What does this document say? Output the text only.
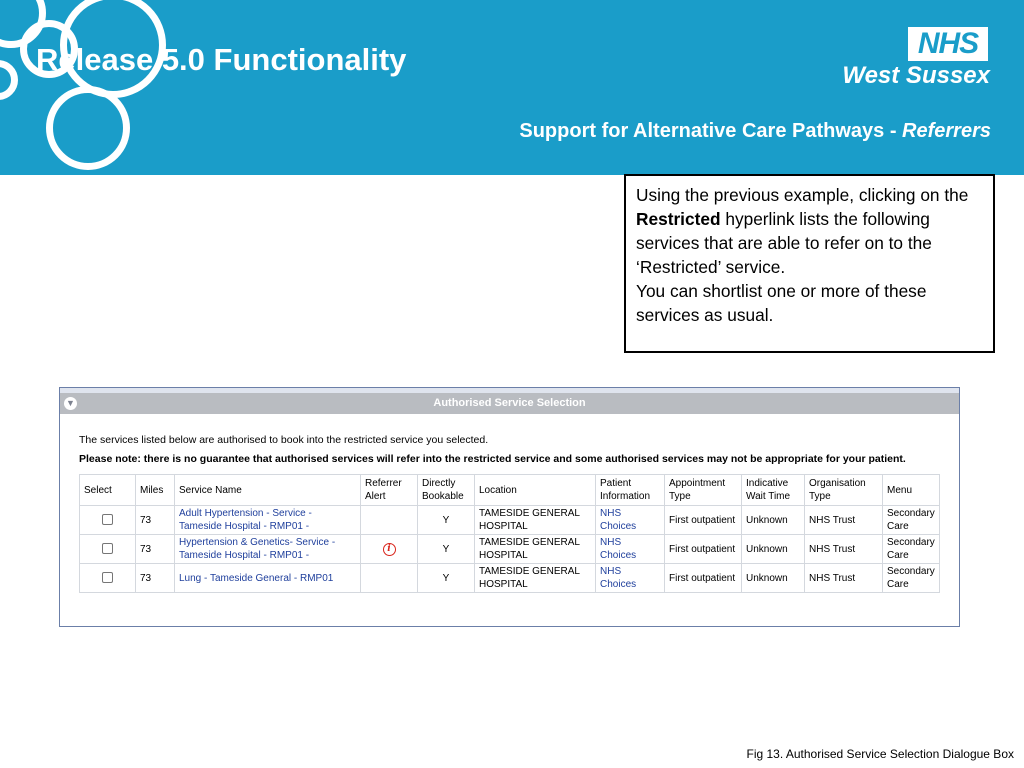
Release 5.0 Functionality	NHS
West Sussex
Support for Alternative Care Pathways - Referrers

Using the previous example, clicking on the Restricted hyperlink lists the following services that are able to refer on to the ‘Restricted’ service.

You can shortlist one or more of these services as usual.

Authorised Service Selection
▼
The services listed below are authorised to book into the restricted service you selected.
Please note: there is no guarantee that authorised services will refer into the restricted service and some authorised services may not be appropriate for your patient.
Select	Miles	Service Name	Referrer Alert	Directly Bookable	Location	Patient Information	Appointment Type	Indicative Wait Time	Organisation Type	Menu
	73	Adult Hypertension - Service - Tameside Hospital - RMP01 -		Y	TAMESIDE GENERAL HOSPITAL	NHS Choices	First outpatient	Unknown	NHS Trust	Secondary Care
	73	Hypertension & Genetics- Service - Tameside Hospital - RMP01 -	i	Y	TAMESIDE GENERAL HOSPITAL	NHS Choices	First outpatient	Unknown	NHS Trust	Secondary Care
	73	Lung - Tameside General - RMP01		Y	TAMESIDE GENERAL HOSPITAL	NHS Choices	First outpatient	Unknown	NHS Trust	Secondary Care

Fig 13. Authorised Service Selection Dialogue Box
